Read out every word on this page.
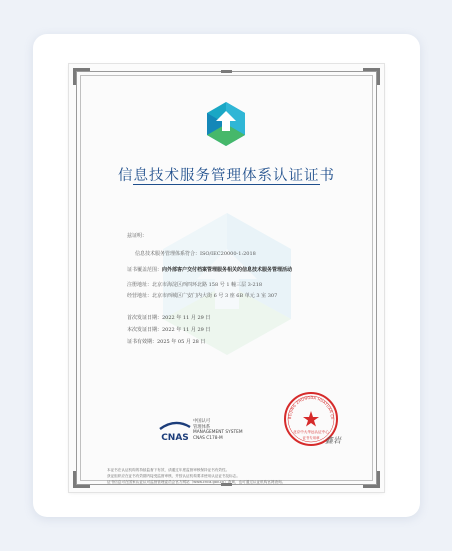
信息技术服务管理体系认证证书
兹证明：
信息技术服务管理体系符合：ISO/IEC20000-1:2018
证书覆盖范围：向外部客户交付档案管理服务相关的信息技术服务管理活动
注册地址：北京市海淀区西四环北路 158 号 1 幢三层 3-218
经营地址：北京市西城区广安门内大街 6 号 3 座 6B 单元 3 室 307
首次发证日期：2022 年 11 月 29 日
本次发证日期：2022 年 11 月 29 日
证书有效期：2025 年 05 月 28 日
CNAS
中国认可
管理体系
MANAGEMENT SYSTEM
CNAS C178-M
BEIJING ZHONGDA HUAYUAN CE
北京中大华远认证中心
证书专用章 鑫岩
本证书在认证机构的持续监督下有效，请通过年度监督审核保持证书有效性。
获证组织应在证书有效期内接受监督审核，并按认证机构要求使用认证证书及标志。
证书信息可在国家认证认可监督管理委员会官方网站（www.cnca.gov.cn）查询，也可通过认证机构官网查询。
